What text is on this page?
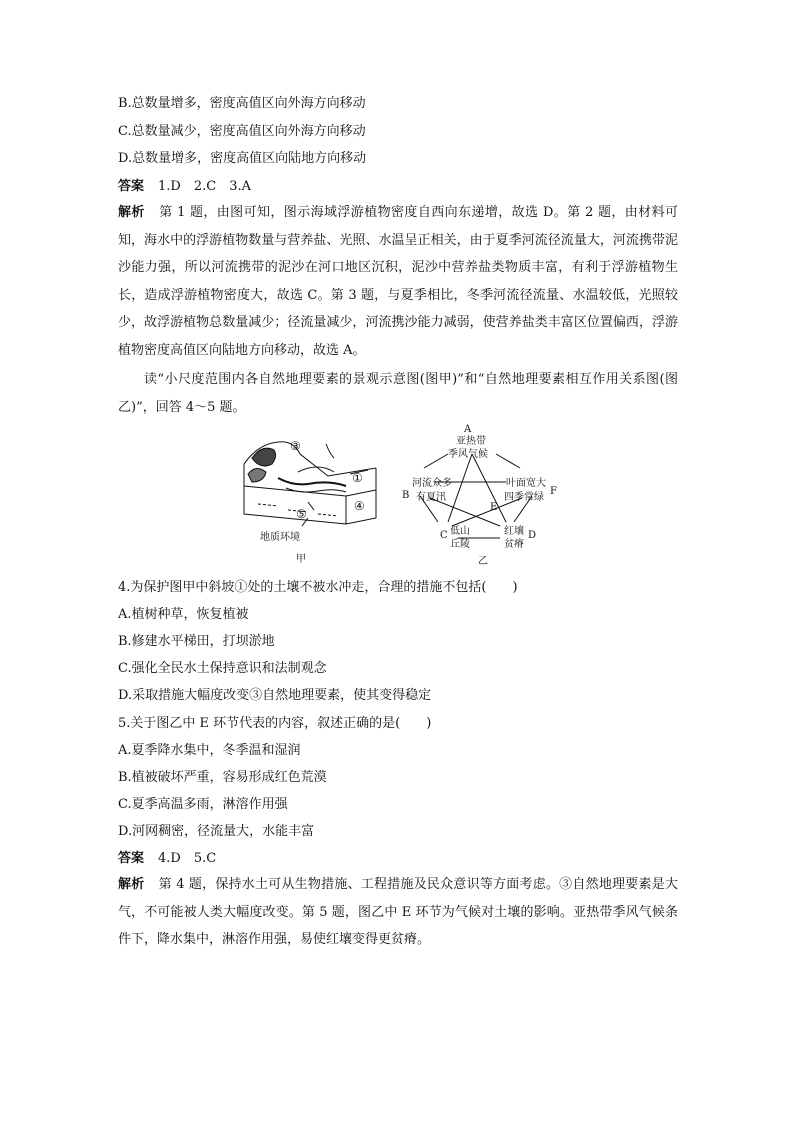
B.总数量增多，密度高值区向外海方向移动
C.总数量减少，密度高值区向外海方向移动
D.总数量增多，密度高值区向陆地方向移动
答案 1.D　2.C　3.A
解析 第 1 题，由图可知，图示海域浮游植物密度自西向东递增，故选 D。第 2 题，由材料可知，海水中的浮游植物数量与营养盐、光照、水温呈正相关，由于夏季河流径流量大，河流携带泥沙能力强，所以河流携带的泥沙在河口地区沉积，泥沙中营养盐类物质丰富，有利于浮游植物生长，造成浮游植物密度大，故选 C。第 3 题，与夏季相比，冬季河流径流量、水温较低，光照较少，故浮游植物总数量减少；径流量减少，河流携沙能力减弱，使营养盐类丰富区位置偏西，浮游植物密度高值区向陆地方向移动，故选 A。
读“小尺度范围内各自然地理要素的景观示意图(图甲)”和“自然地理要素相互作用关系图(图乙)”，回答 4～5 题。
③
①
④
⑤
地质环境
甲
A
亚热带
季风气候
B
河流众多
有夏汛
C 低山
丘陵
D
红壤
贫瘠
E
F
叶面宽大
四季常绿
乙
4.为保护图甲中斜坡①处的土壤不被水冲走，合理的措施不包括(　　)
A.植树种草，恢复植被
B.修建水平梯田，打坝淤地
C.强化全民水土保持意识和法制观念
D.采取措施大幅度改变③自然地理要素，使其变得稳定
5.关于图乙中 E 环节代表的内容，叙述正确的是(　　)
A.夏季降水集中，冬季温和湿润
B.植被破坏严重，容易形成红色荒漠
C.夏季高温多雨，淋溶作用强
D.河网稠密，径流量大，水能丰富
答案 4.D　5.C
解析 第 4 题，保持水土可从生物措施、工程措施及民众意识等方面考虑。③自然地理要素是大气，不可能被人类大幅度改变。第 5 题，图乙中 E 环节为气候对土壤的影响。亚热带季风气候条件下，降水集中，淋溶作用强，易使红壤变得更贫瘠。
